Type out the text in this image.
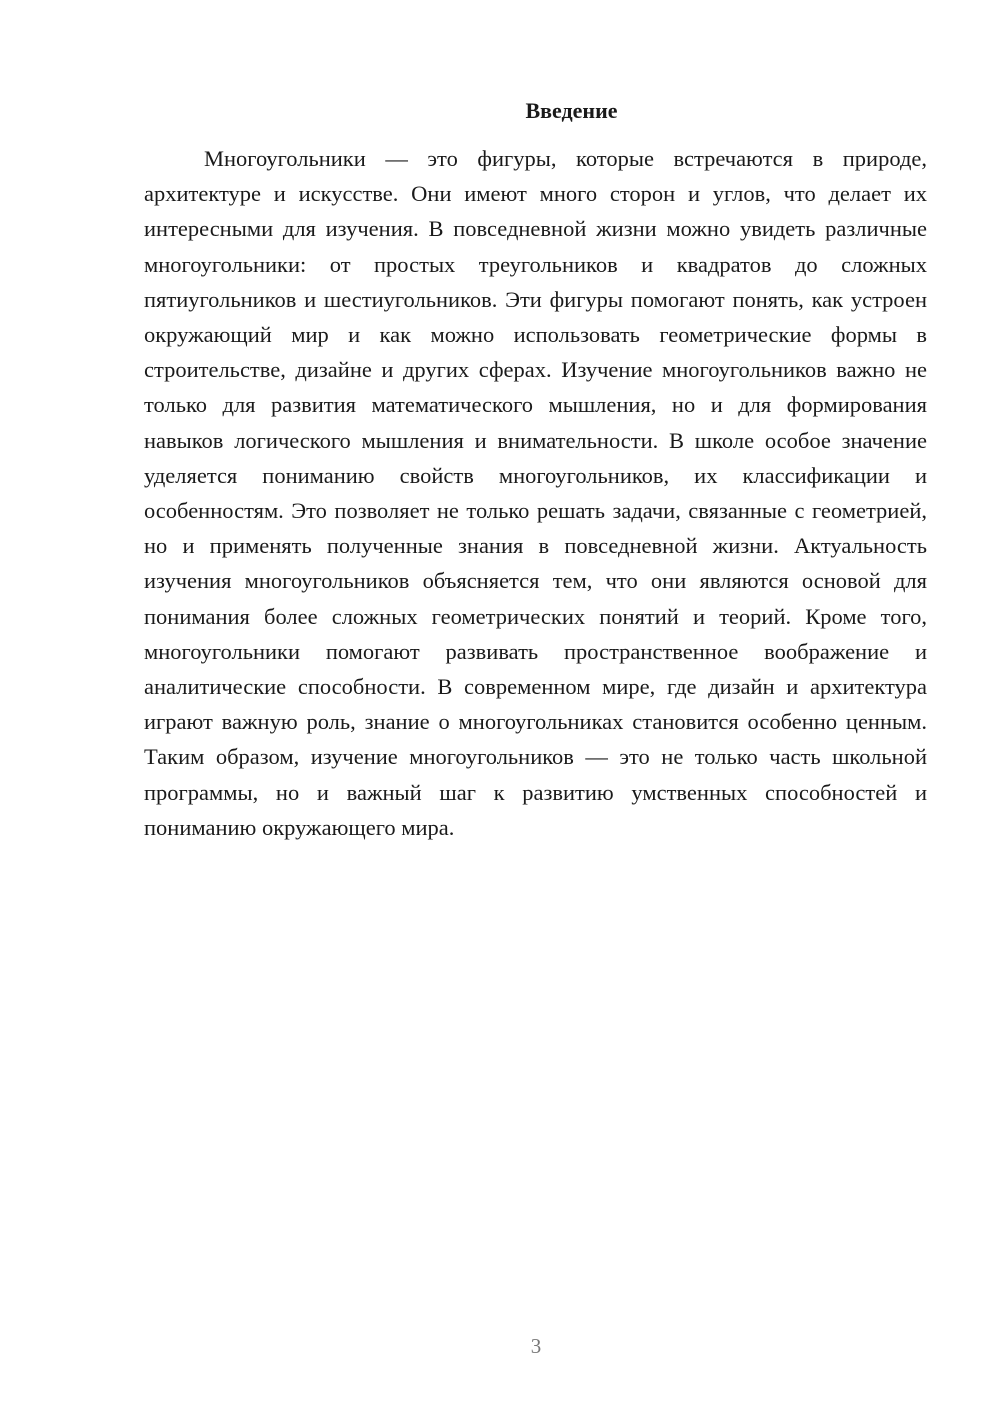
Введение

Многоугольники — это фигуры, которые встречаются в природе, архитектуре и искусстве. Они имеют много сторон и углов, что делает их интересными для изучения. В повседневной жизни можно увидеть различные многоугольники: от простых треугольников и квадратов до сложных пятиугольников и шестиугольников. Эти фигуры помогают понять, как устроен окружающий мир и как можно использовать геометрические формы в строительстве, дизайне и других сферах. Изучение многоугольников важно не только для развития математического мышления, но и для формирования навыков логического мышления и внимательности. В школе особое значение уделяется пониманию свойств многоугольников, их классификации и особенностям. Это позволяет не только решать задачи, связанные с геометрией, но и применять полученные знания в повседневной жизни. Актуальность изучения многоугольников объясняется тем, что они являются основой для понимания более сложных геометрических понятий и теорий. Кроме того, многоугольники помогают развивать пространственное воображение и аналитические способности. В современном мире, где дизайн и архитектура играют важную роль, знание о многоугольниках становится особенно ценным. Таким образом, изучение многоугольников — это не только часть школьной программы, но и важный шаг к развитию умственных способностей и пониманию окружающего мира.

3
